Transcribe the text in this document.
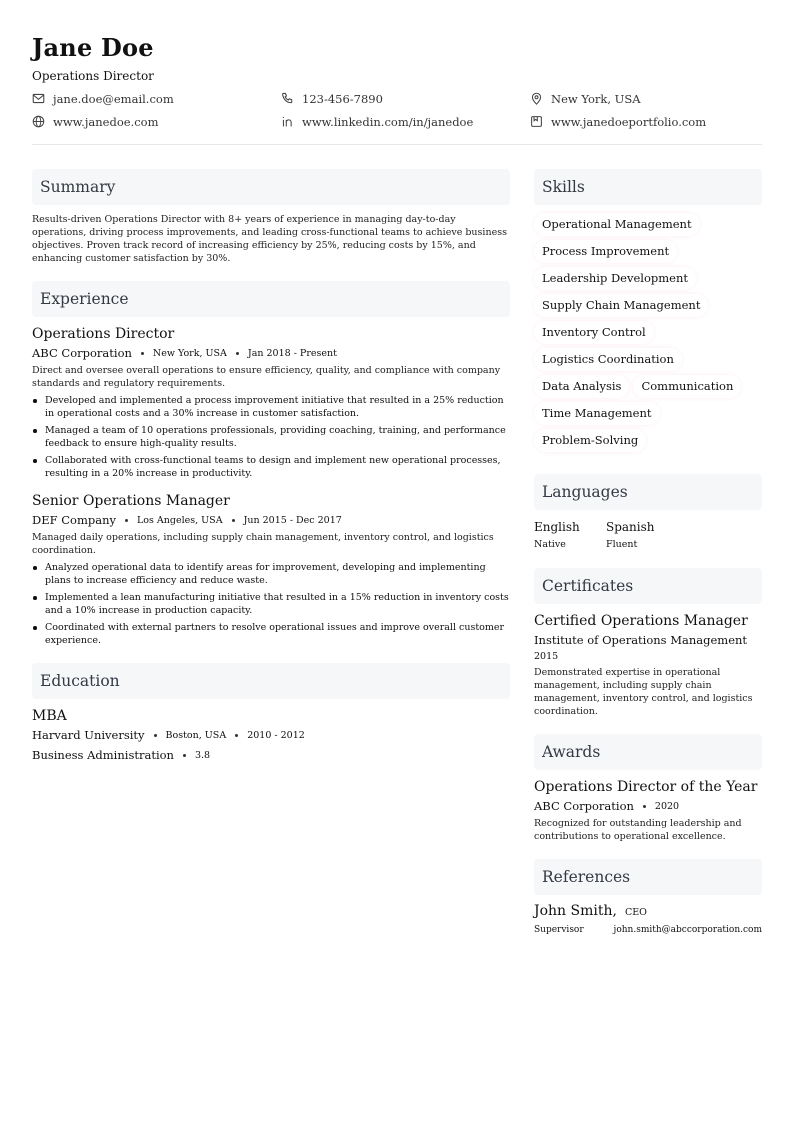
Jane Doe
Operations Director
jane.doe@email.com	123-456-7890	New York, USA
www.janedoe.com	www.linkedin.com/in/janedoe	www.janedoeportfolio.com
Summary
Results-driven Operations Director with 8+ years of experience in managing day-to-day operations, driving process improvements, and leading cross-functional teams to achieve business objectives. Proven track record of increasing efficiency by 25%, reducing costs by 15%, and enhancing customer satisfaction by 30%.
Experience
Operations Director
ABC Corporation New York, USA Jan 2018 - Present
Direct and oversee overall operations to ensure efficiency, quality, and compliance with company standards and regulatory requirements.
Developed and implemented a process improvement initiative that resulted in a 25% reduction in operational costs and a 30% increase in customer satisfaction.
Managed a team of 10 operations professionals, providing coaching, training, and performance feedback to ensure high-quality results.
Collaborated with cross-functional teams to design and implement new operational processes, resulting in a 20% increase in productivity.
Senior Operations Manager
DEF Company Los Angeles, USA Jun 2015 - Dec 2017
Managed daily operations, including supply chain management, inventory control, and logistics coordination.
Analyzed operational data to identify areas for improvement, developing and implementing plans to increase efficiency and reduce waste.
Implemented a lean manufacturing initiative that resulted in a 15% reduction in inventory costs and a 10% increase in production capacity.
Coordinated with external partners to resolve operational issues and improve overall customer experience.
Education
MBA
Harvard University Boston, USA 2010 - 2012
Business Administration 3.8
Skills
Operational Management
Process Improvement
Leadership Development
Supply Chain Management
Inventory Control
Logistics Coordination
Data Analysis	Communication
Time Management
Problem-Solving
Languages
English
Native
Spanish
Fluent
Certificates
Certified Operations Manager
Institute of Operations Management
2015
Demonstrated expertise in operational management, including supply chain management, inventory control, and logistics coordination.
Awards
Operations Director of the Year
ABC Corporation 2020
Recognized for outstanding leadership and contributions to operational excellence.
References
John Smith, CEO
Supervisor	john.smith@abccorporation.com
